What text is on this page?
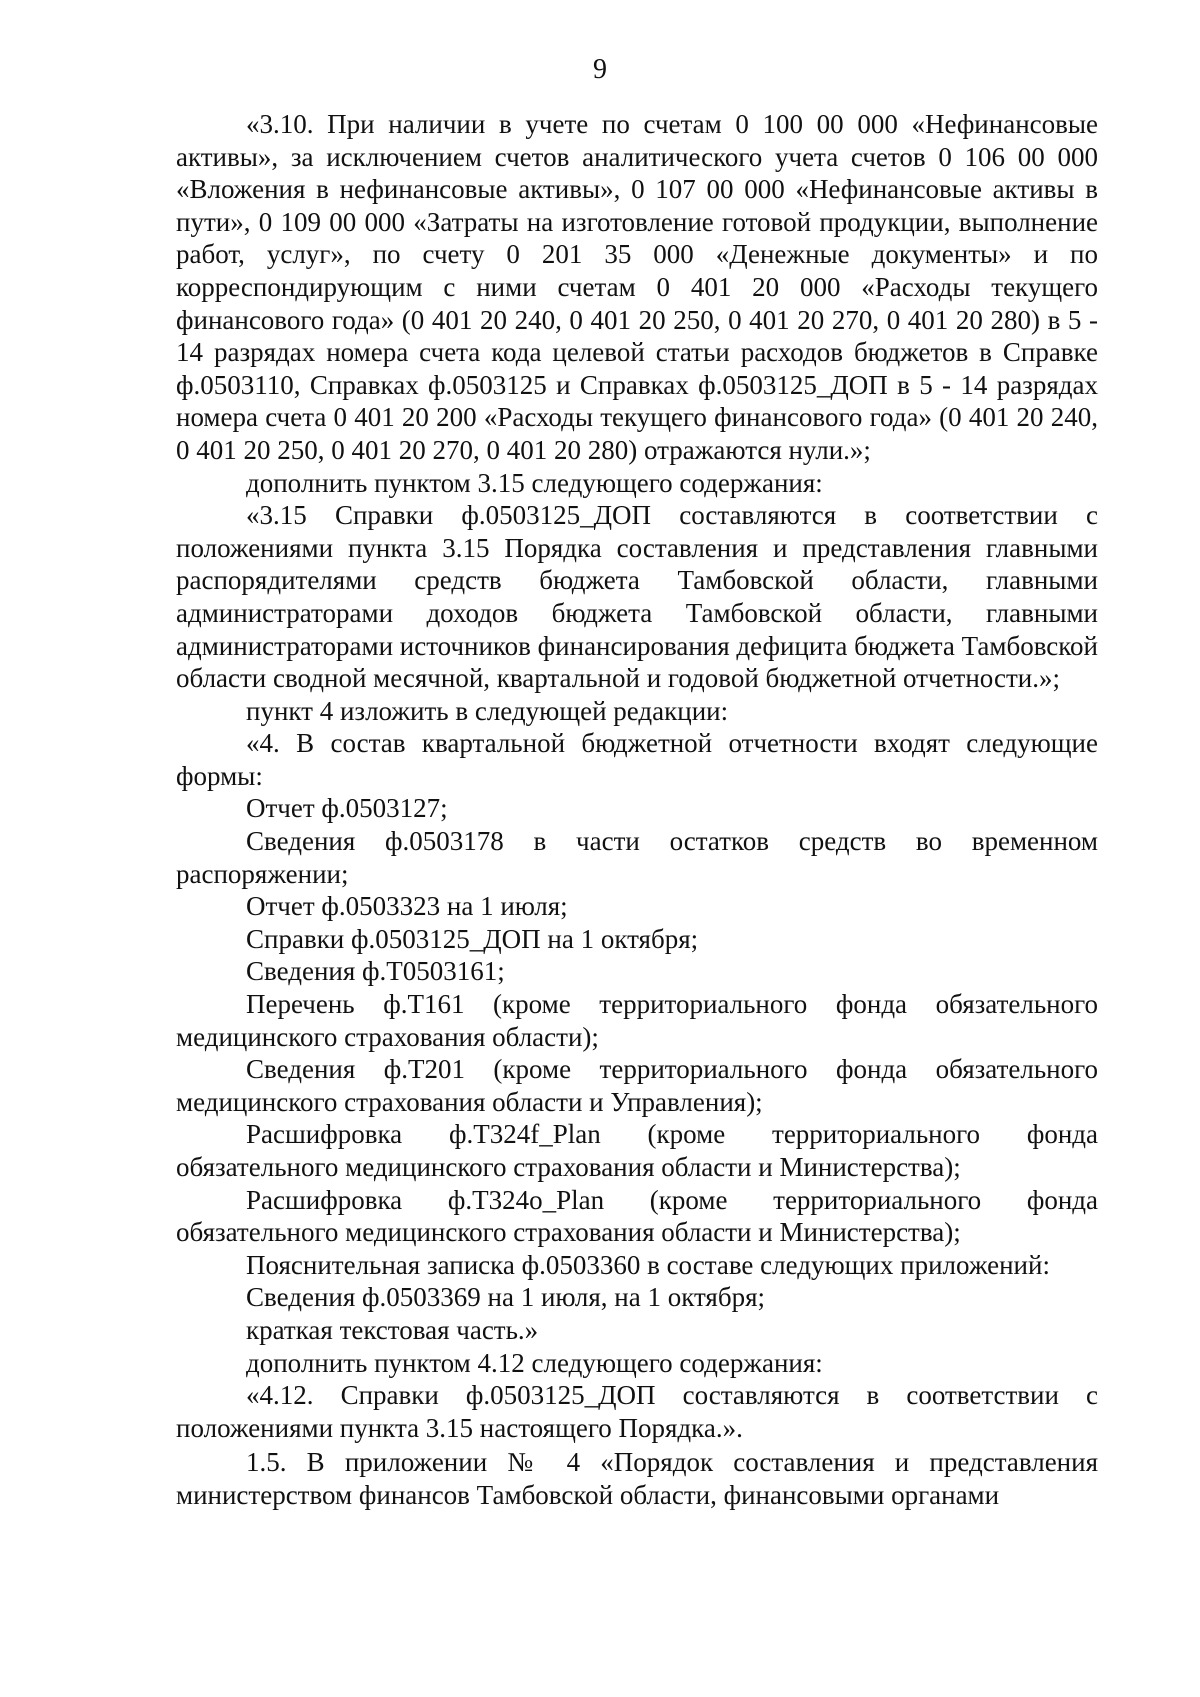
9

«3.10. При наличии в учете по счетам 0 100 00 000 «Нефинансовые активы», за исключением счетов аналитического учета счетов 0 106 00 000 «Вложения в нефинансовые активы», 0 107 00 000 «Нефинансовые активы в пути», 0 109 00 000 «Затраты на изготовление готовой продукции, выполнение работ, услуг», по счету 0 201 35 000 «Денежные документы» и по корреспондирующим с ними счетам 0 401 20 000 «Расходы текущего финансового года» (0 401 20 240, 0 401 20 250, 0 401 20 270, 0 401 20 280) в 5 - 14 разрядах номера счета кода целевой статьи расходов бюджетов в Справке ф.0503110, Справках ф.0503125 и Справках ф.0503125_ДОП в 5 - 14 разрядах номера счета 0 401 20 200 «Расходы текущего финансового года» (0 401 20 240, 0 401 20 250, 0 401 20 270, 0 401 20 280) отражаются нули.»;

дополнить пунктом 3.15 следующего содержания:

«3.15 Справки ф.0503125_ДОП составляются в соответствии с положениями пункта 3.15 Порядка составления и представления главными распорядителями средств бюджета Тамбовской области, главными администраторами доходов бюджета Тамбовской области, главными администраторами источников финансирования дефицита бюджета Тамбовской области сводной месячной, квартальной и годовой бюджетной отчетности.»;

пункт 4 изложить в следующей редакции:

«4. В состав квартальной бюджетной отчетности входят следующие формы:

Отчет ф.0503127;

Сведения ф.0503178 в части остатков средств во временном распоряжении;

Отчет ф.0503323 на 1 июля;

Справки ф.0503125_ДОП на 1 октября;

Сведения ф.Т0503161;

Перечень ф.Т161 (кроме территориального фонда обязательного медицинского страхования области);

Сведения ф.Т201 (кроме территориального фонда обязательного медицинского страхования области и Управления);

Расшифровка ф.T324f_Plan (кроме территориального фонда обязательного медицинского страхования области и Министерства);

Расшифровка ф.T324o_Plan (кроме территориального фонда обязательного медицинского страхования области и Министерства);

Пояснительная записка ф.0503360 в составе следующих приложений:

Сведения ф.0503369 на 1 июля, на 1 октября;

краткая текстовая часть.»

дополнить пунктом 4.12 следующего содержания:

«4.12. Справки ф.0503125_ДОП составляются в соответствии с положениями пункта 3.15 настоящего Порядка.».

1.5. В приложении № 4 «Порядок составления и представления министерством финансов Тамбовской области, финансовыми органами
